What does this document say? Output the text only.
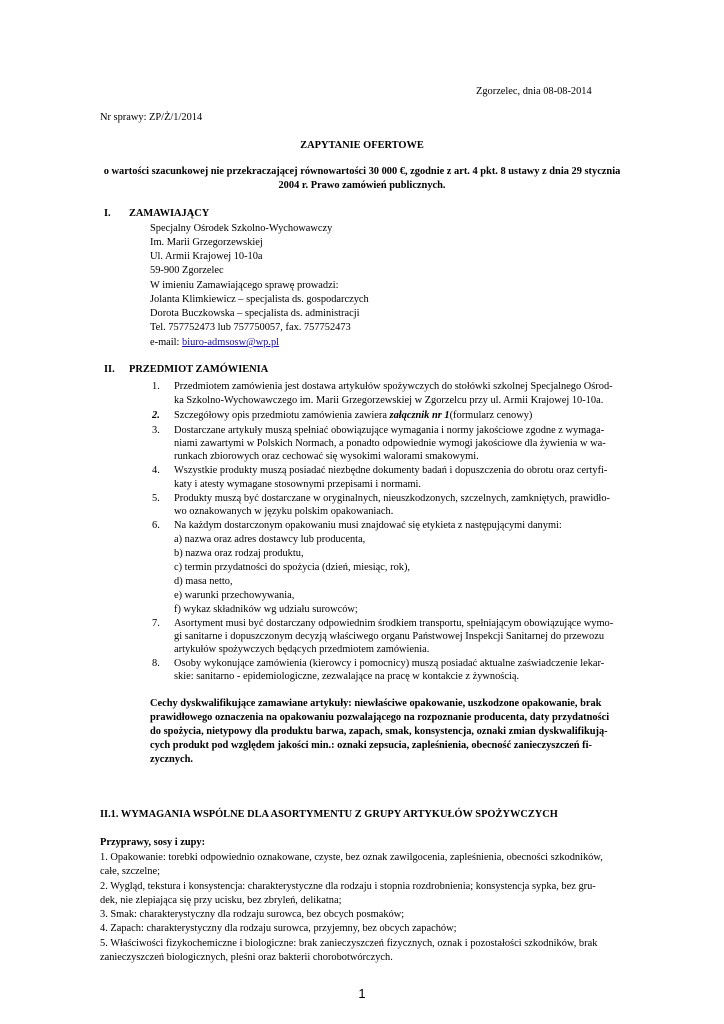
Zgorzelec, dnia 08-08-2014
Nr sprawy: ZP/Ż/1/2014
ZAPYTANIE OFERTOWE
o wartości szacunkowej nie przekraczającej równowartości 30 000 €, zgodnie z art. 4 pkt. 8 ustawy z dnia 29 stycznia
2004 r. Prawo zamówień publicznych.
I. ZAMAWIAJĄCY
Specjalny Ośrodek Szkolno-Wychowawczy
Im. Marii Grzegorzewskiej
Ul. Armii Krajowej 10-10a
59-900 Zgorzelec
W imieniu Zamawiającego sprawę prowadzi:
Jolanta Klimkiewicz – specjalista ds. gospodarczych
Dorota Buczkowska – specjalista ds. administracji
Tel. 757752473 lub 757750057, fax. 757752473
e-mail: biuro-admsosw@wp.pl
II. PRZEDMIOT ZAMÓWIENIA
1. Przedmiotem zamówienia jest dostawa artykułów spożywczych do stołówki szkolnej Specjalnego Ośrod-
ka Szkolno-Wychowawczego im. Marii Grzegorzewskiej w Zgorzelcu przy ul. Armii Krajowej 10-10a.
2. Szczegółowy opis przedmiotu zamówienia zawiera załącznik nr 1(formularz cenowy)
3. Dostarczane artykuły muszą spełniać obowiązujące wymagania i normy jakościowe zgodne z wymaga-
niami zawartymi w Polskich Normach, a ponadto odpowiednie wymogi jakościowe dla żywienia w wa-
runkach zbiorowych oraz cechować się wysokimi walorami smakowymi.
4. Wszystkie produkty muszą posiadać niezbędne dokumenty badań i dopuszczenia do obrotu oraz certyfi-
katy i atesty wymagane stosownymi przepisami i normami.
5. Produkty muszą być dostarczane w oryginalnych, nieuszkodzonych, szczelnych, zamkniętych, prawidło-
wo oznakowanych w języku polskim opakowaniach.
6. Na każdym dostarczonym opakowaniu musi znajdować się etykieta z następującymi danymi:
a) nazwa oraz adres dostawcy lub producenta,
b) nazwa oraz rodzaj produktu,
c) termin przydatności do spożycia (dzień, miesiąc, rok),
d) masa netto,
e) warunki przechowywania,
f) wykaz składników wg udziału surowców;
7. Asortyment musi być dostarczany odpowiednim środkiem transportu, spełniającym obowiązujące wymo-
gi sanitarne i dopuszczonym decyzją właściwego organu Państwowej Inspekcji Sanitarnej do przewozu
artykułów spożywczych będących przedmiotem zamówienia.
8. Osoby wykonujące zamówienia (kierowcy i pomocnicy) muszą posiadać aktualne zaświadczenie lekar-
skie: sanitarno - epidemiologiczne, zezwalające na pracę w kontakcie z żywnością.
Cechy dyskwalifikujące zamawiane artykuły: niewłaściwe opakowanie, uszkodzone opakowanie, brak
prawidłowego oznaczenia na opakowaniu pozwalającego na rozpoznanie producenta, daty przydatności
do spożycia, nietypowy dla produktu barwa, zapach, smak, konsystencja, oznaki zmian dyskwalifikują-
cych produkt pod względem jakości min.: oznaki zepsucia, zapleśnienia, obecność zanieczyszczeń fi-
zycznych.
II.1. WYMAGANIA WSPÓLNE DLA ASORTYMENTU Z GRUPY ARTYKUŁÓW SPOŻYWCZYCH
Przyprawy, sosy i zupy:
1. Opakowanie: torebki odpowiednio oznakowane, czyste, bez oznak zawilgocenia, zapleśnienia, obecności szkodników,
całe, szczelne;
2. Wygląd, tekstura i konsystencja: charakterystyczne dla rodzaju i stopnia rozdrobnienia; konsystencja sypka, bez gru-
dek, nie zlepiająca się przy ucisku, bez zbryleń, delikatna;
3. Smak: charakterystyczny dla rodzaju surowca, bez obcych posmaków;
4. Zapach: charakterystyczny dla rodzaju surowca, przyjemny, bez obcych zapachów;
5. Właściwości fizykochemiczne i biologiczne: brak zanieczyszczeń fizycznych, oznak i pozostałości szkodników, brak
zanieczyszczeń biologicznych, pleśni oraz bakterii chorobotwórczych.
1
